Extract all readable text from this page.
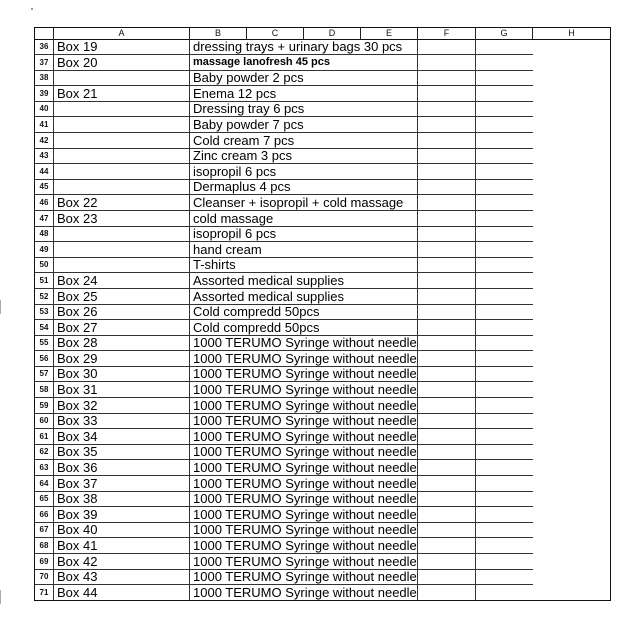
A	B	C	D	E	F	G	H
36 Box 19	dressing trays + urinary bags 30 pcs
37 Box 20	massage lanofresh 45 pcs
38	Baby powder 2 pcs
39 Box 21	Enema 12 pcs
40	Dressing tray 6 pcs
41	Baby powder 7 pcs
42	Cold cream 7 pcs
43	Zinc cream 3 pcs
44	isopropil 6 pcs
45	Dermaplus 4 pcs
46 Box 22	Cleanser + isopropil + cold massage
47 Box 23	cold massage
48	isopropil 6 pcs
49	hand cream
50	T-shirts
51 Box 24	Assorted medical supplies
52 Box 25	Assorted medical supplies
53 Box 26	Cold compredd 50pcs
54 Box 27	Cold compredd 50pcs
55 Box 28	1000 TERUMO Syringe without needle
56 Box 29	1000 TERUMO Syringe without needle
57 Box 30	1000 TERUMO Syringe without needle
58 Box 31	1000 TERUMO Syringe without needle
59 Box 32	1000 TERUMO Syringe without needle
60 Box 33	1000 TERUMO Syringe without needle
61 Box 34	1000 TERUMO Syringe without needle
62 Box 35	1000 TERUMO Syringe without needle
63 Box 36	1000 TERUMO Syringe without needle
64 Box 37	1000 TERUMO Syringe without needle
65 Box 38	1000 TERUMO Syringe without needle
66 Box 39	1000 TERUMO Syringe without needle
67 Box 40	1000 TERUMO Syringe without needle
68 Box 41	1000 TERUMO Syringe without needle
69 Box 42	1000 TERUMO Syringe without needle
70 Box 43	1000 TERUMO Syringe without needle
71 Box 44	1000 TERUMO Syringe without needle
